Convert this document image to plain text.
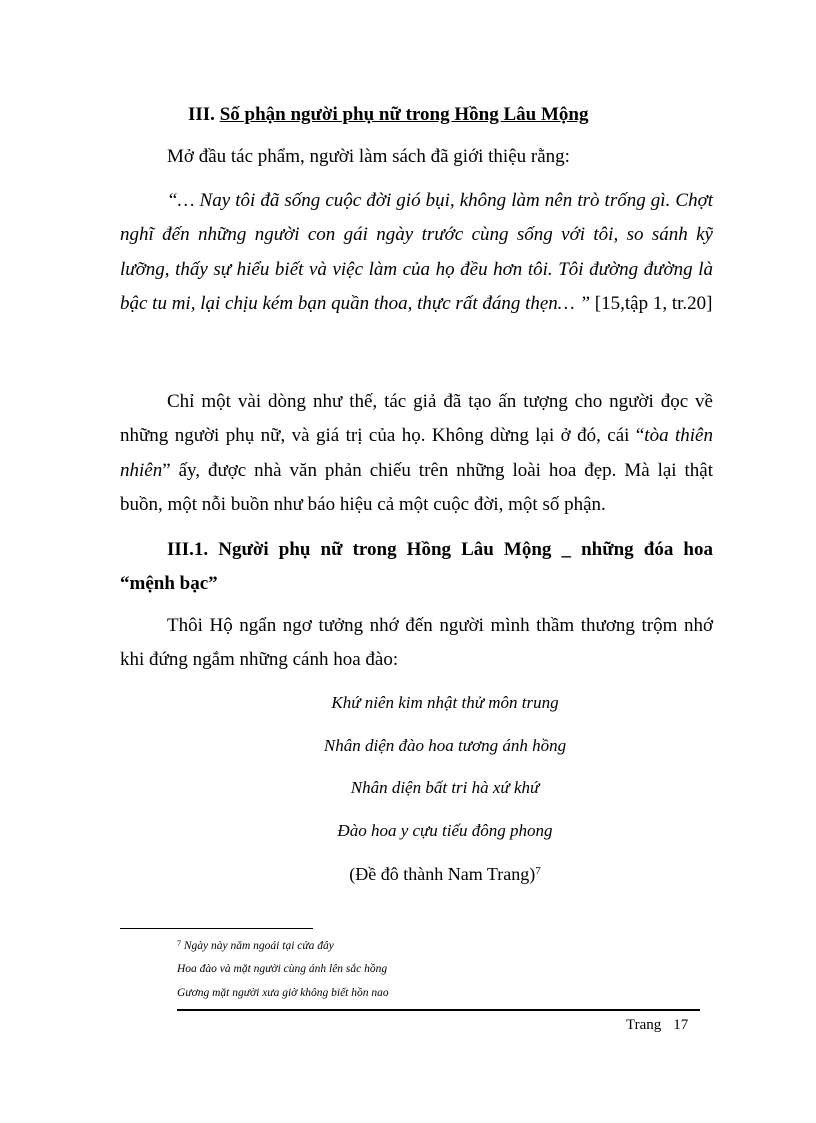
III. Số phận người phụ nữ trong Hồng Lâu Mộng
Mở đầu tác phẩm, người làm sách đã giới thiệu rằng:
“… Nay tôi đã sống cuộc đời gió bụi, không làm nên trò trống gì. Chợt nghĩ đến những người con gái ngày trước cùng sống với tôi, so sánh kỹ lưỡng, thấy sự hiểu biết và việc làm của họ đều hơn tôi. Tôi đường đường là bậc tu mi, lại chịu kém bạn quần thoa, thực rất đáng thẹn… ” [15,tập 1, tr.20]
Chỉ một vài dòng như thế, tác giả đã tạo ấn tượng cho người đọc về những người phụ nữ, và giá trị của họ. Không dừng lại ở đó, cái “tòa thiên nhiên” ấy, được nhà văn phản chiếu trên những loài hoa đẹp. Mà lại thật buồn, một nỗi buồn như báo hiệu cả một cuộc đời, một số phận.
III.1. Người phụ nữ trong Hồng Lâu Mộng _ những đóa hoa “mệnh bạc”
Thôi Hộ ngẩn ngơ tưởng nhớ đến người mình thầm thương trộm nhớ khi đứng ngắm những cánh hoa đào:
Khứ niên kim nhật thử môn trung
Nhân diện đào hoa tương ánh hồng
Nhân diện bất tri hà xứ khứ
Đào hoa y cựu tiếu đông phong
(Đề đô thành Nam Trang)$^7$
$^7$ Ngày này năm ngoái tại cửa đây
Hoa đào và mặt người cùng ánh lên sắc hồng
Gương mặt người xưa giờ không biết hồn nao
Trang 17
